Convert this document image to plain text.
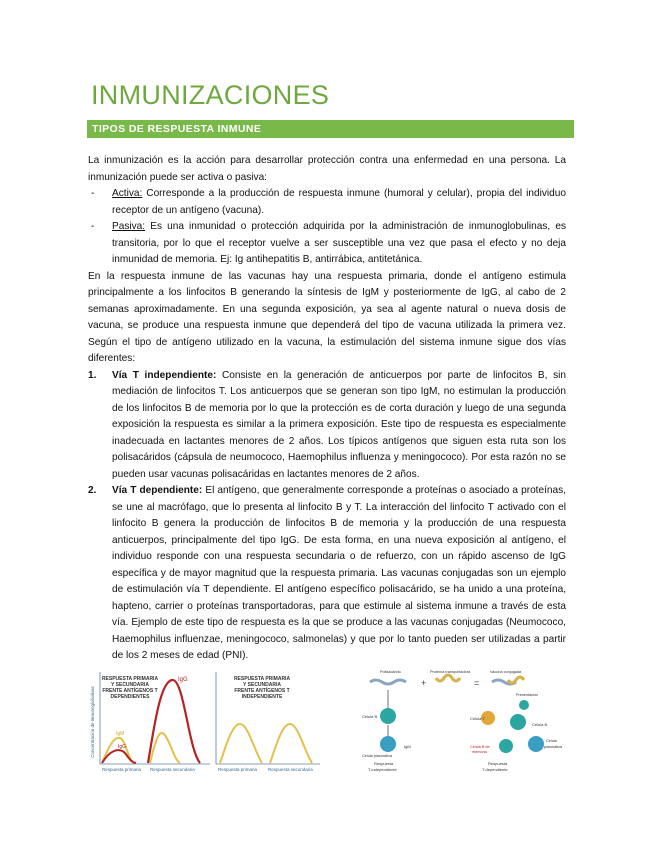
INMUNIZACIONES
TIPOS DE RESPUESTA INMUNE

La inmunización es la acción para desarrollar protección contra una enfermedad en una persona. La inmunización puede ser activa o pasiva:

- Activa: Corresponde a la producción de respuesta inmune (humoral y celular), propia del individuo receptor de un antígeno (vacuna).

- Pasiva: Es una inmunidad o protección adquirida por la administración de inmunoglobulinas, es transitoria, por lo que el receptor vuelve a ser susceptible una vez que pasa el efecto y no deja inmunidad de memoria. Ej: Ig antihepatitis B, antirrábica, antitetánica.

En la respuesta inmune de las vacunas hay una respuesta primaria, donde el antígeno estimula principalmente a los linfocitos B generando la síntesis de IgM y posteriormente de IgG, al cabo de 2 semanas aproximadamente. En una segunda exposición, ya sea al agente natural o nueva dosis de vacuna, se produce una respuesta inmune que dependerá del tipo de vacuna utilizada la primera vez. Según el tipo de antígeno utilizado en la vacuna, la estimulación del sistema inmune sigue dos vías diferentes:

1. Vía T independiente: Consiste en la generación de anticuerpos por parte de linfocitos B, sin mediación de linfocitos T. Los anticuerpos que se generan son tipo IgM, no estimulan la producción de los linfocitos B de memoria por lo que la protección es de corta duración y luego de una segunda exposición la respuesta es similar a la primera exposición. Este tipo de respuesta es especialmente inadecuada en lactantes menores de 2 años. Los típicos antígenos que siguen esta ruta son los polisacáridos (cápsula de neumococo, Haemophilus influenza y meningococo). Por esta razón no se pueden usar vacunas polisacáridas en lactantes menores de 2 años.

2. Vía T dependiente: El antígeno, que generalmente corresponde a proteínas o asociado a proteínas, se une al macrófago, que lo presenta al linfocito B y T. La interacción del linfocito T activado con el linfocito B genera la producción de linfocitos B de memoria y la producción de una respuesta anticuerpos, principalmente del tipo IgG. De esta forma, en una nueva exposición al antígeno, el individuo responde con una respuesta secundaria o de refuerzo, con un rápido ascenso de IgG específica y de mayor magnitud que la respuesta primaria. Las vacunas conjugadas son un ejemplo de estimulación vía T dependiente. El antígeno específico polisacárido, se ha unido a una proteína, hapteno, carrier o proteínas transportadoras, para que estimule al sistema inmune a través de esta vía. Ejemplo de este tipo de respuesta es la que se produce a las vacunas conjugadas (Neumococo, Haemophilus influenzae, meningococo, salmonelas) y que por lo tanto pueden ser utilizadas a partir de los 2 meses de edad (PNI).

Concentración de inmunoglobulinas
RESPUESTA PRIMARIA
Y SECUNDARIA
FRENTE ANTÍGENOS T
DEPENDIENTES
IgG
IgM
IgG
Respuesta primaria Respuesta secundaria
RESPUESTA PRIMARIA
Y SECUNDARIA
FRENTE ANTÍGENOS T
INDEPENDIENTE
Respuesta primaria Respuesta secundaria
Polisacárido	Proteína transportadora	Vacuna conjugada
+	=
Célula B
IgM
Célula plasmática
Respuesta
T-independiente
Presentación
Célula T
Célula B
Célula B de
memoria
Célula
plasmática
Respuesta
T-dependiente
